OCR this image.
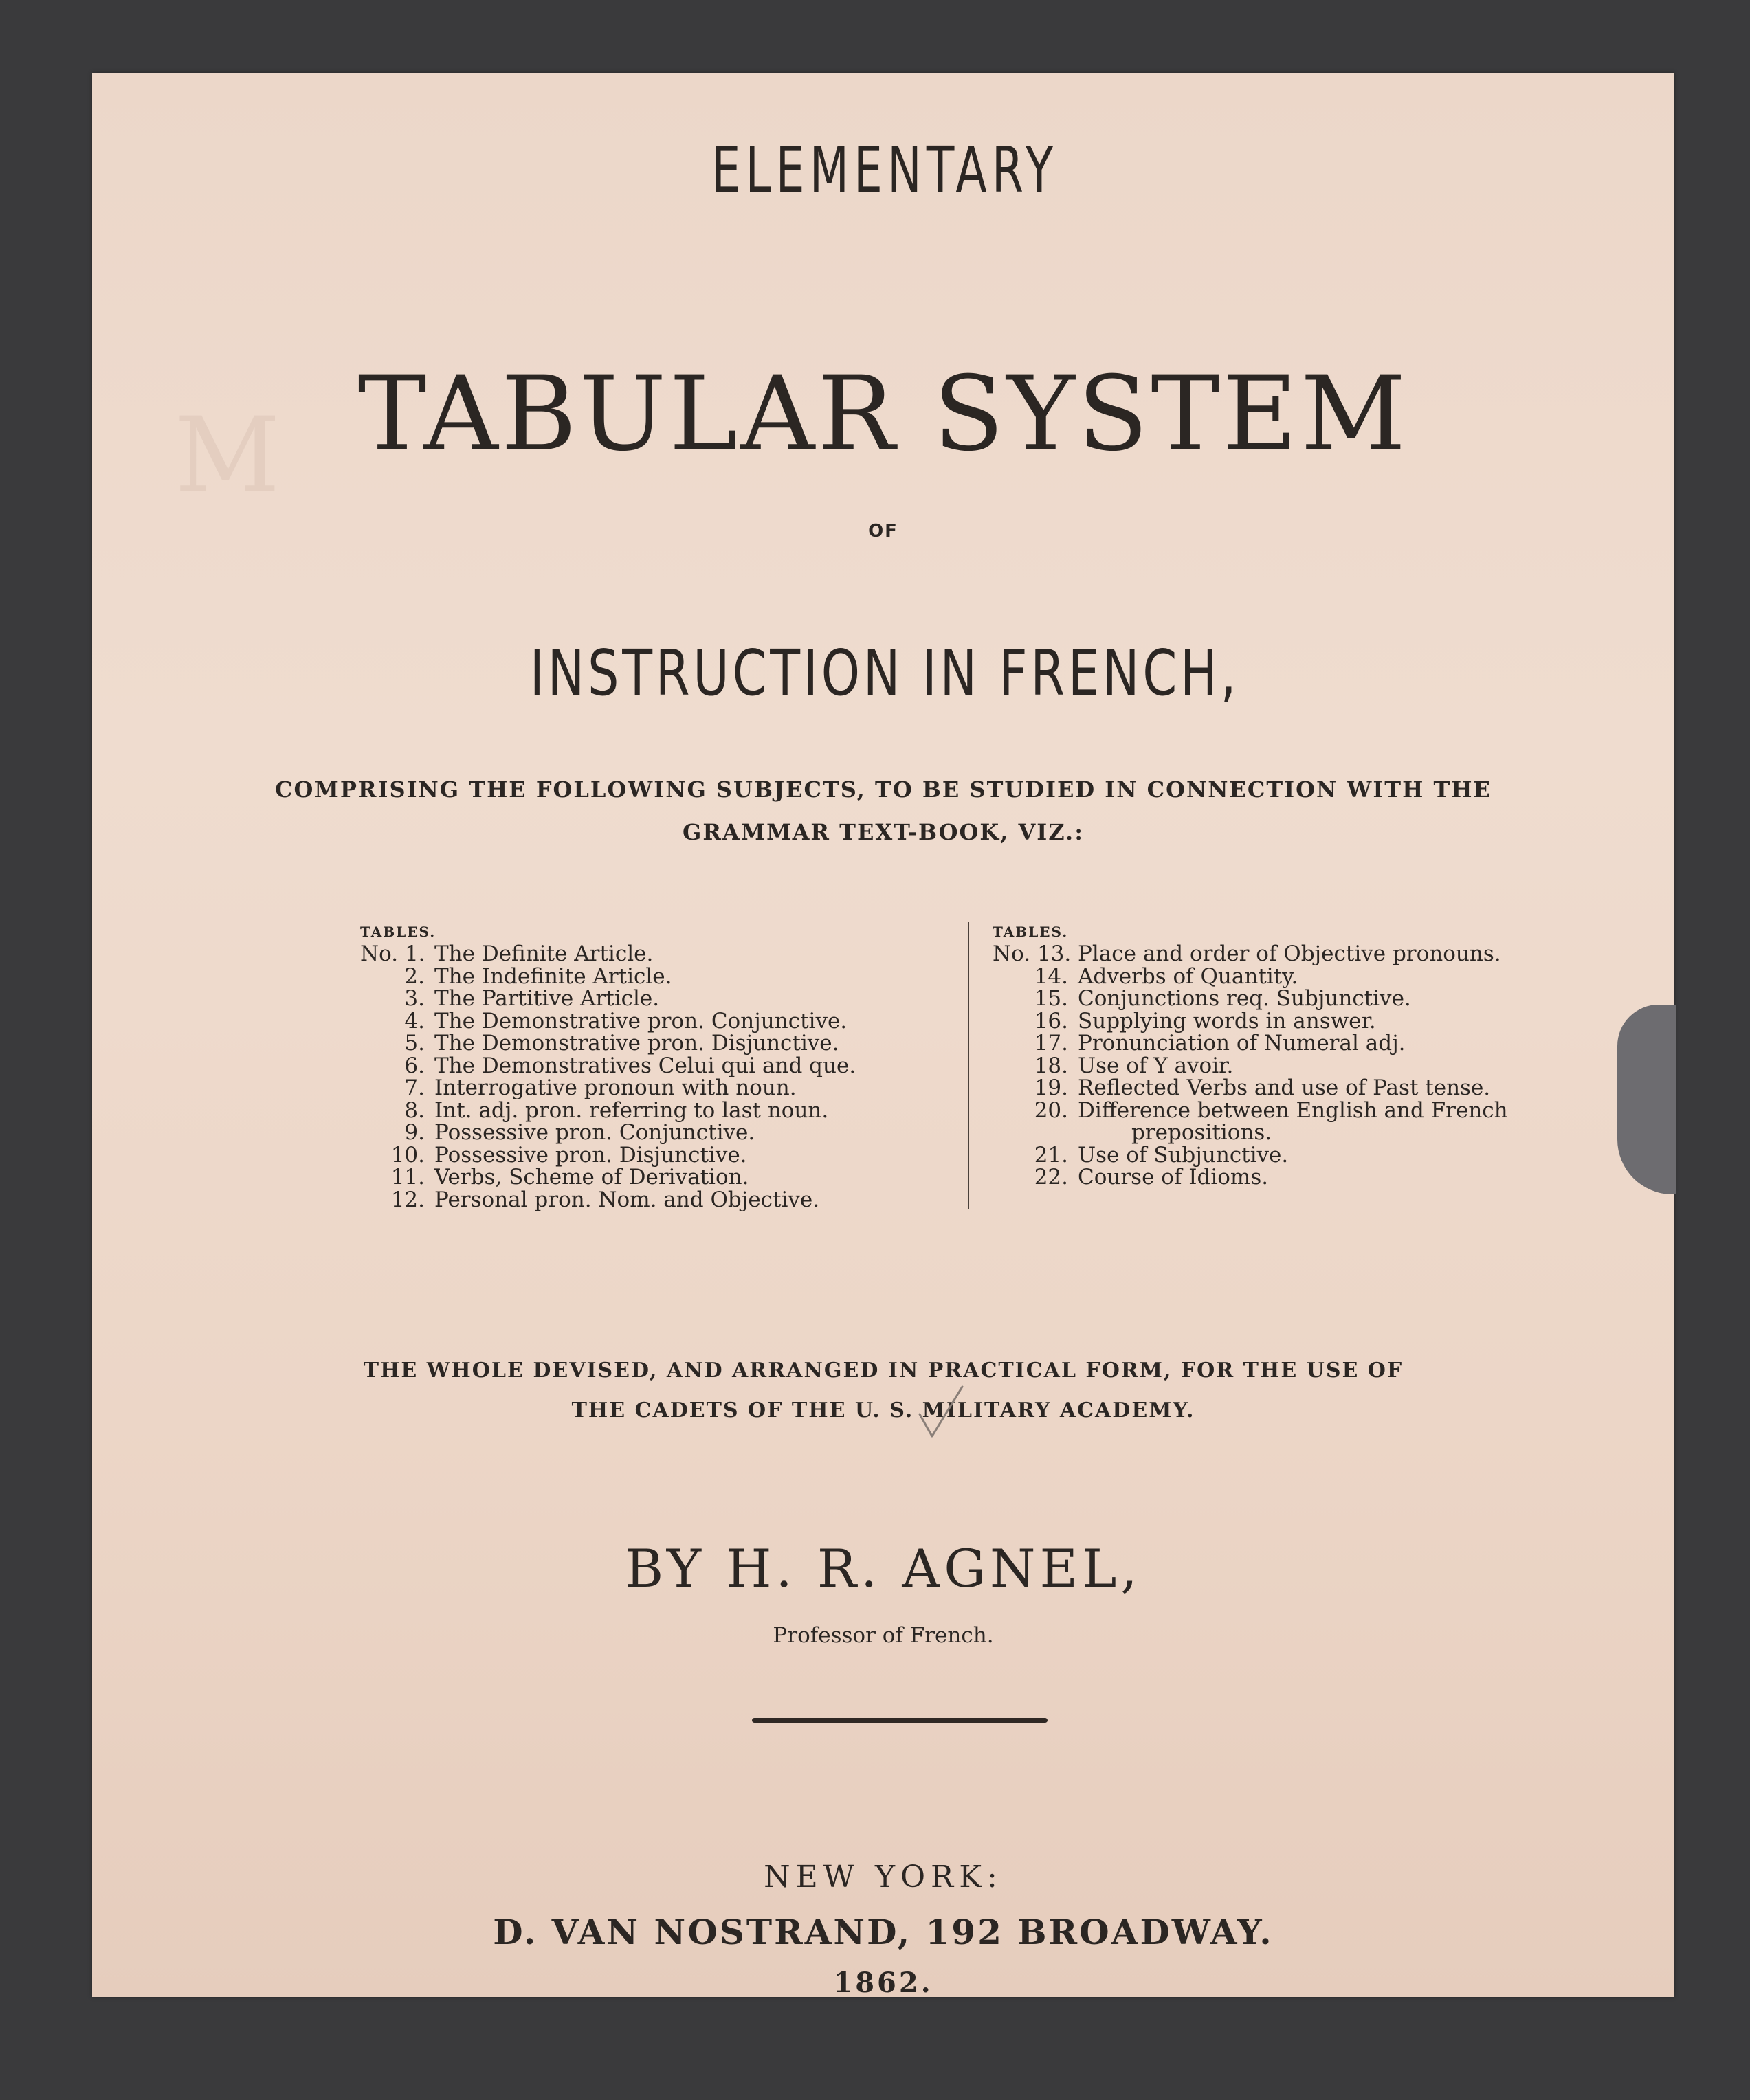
M
ELEMENTARY
TABULAR SYSTEM
OF
INSTRUCTION IN FRENCH,
COMPRISING THE FOLLOWING SUBJECTS, TO BE STUDIED IN CONNECTION WITH THE
GRAMMAR TEXT-BOOK, VIZ.:
TABLES.
No. 1. The Definite Article.
2. The Indefinite Article.
3. The Partitive Article.
4. The Demonstrative pron. Conjunctive.
5. The Demonstrative pron. Disjunctive.
6. The Demonstratives Celui qui and que.
7. Interrogative pronoun with noun.
8. Int. adj. pron. referring to last noun.
9. Possessive pron. Conjunctive.
10. Possessive pron. Disjunctive.
11. Verbs, Scheme of Derivation.
12. Personal pron. Nom. and Objective.
TABLES.
No. 13. Place and order of Objective pronouns.
14. Adverbs of Quantity.
15. Conjunctions req. Subjunctive.
16. Supplying words in answer.
17. Pronunciation of Numeral adj.
18. Use of Y avoir.
19. Reflected Verbs and use of Past tense.
20. Difference between English and French
prepositions.
21. Use of Subjunctive.
22. Course of Idioms.
THE WHOLE DEVISED, AND ARRANGED IN PRACTICAL FORM, FOR THE USE OF
THE CADETS OF THE U. S. MILITARY ACADEMY.
BY H. R. AGNEL,
Professor of French.
NEW YORK:
D. VAN NOSTRAND, 192 BROADWAY.
1862.
